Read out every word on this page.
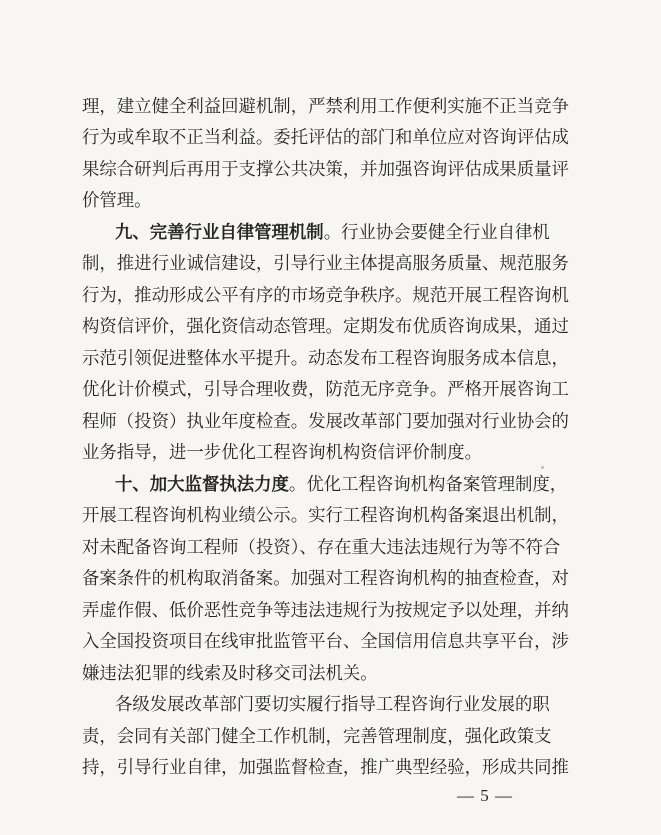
理，建立健全利益回避机制，严禁利用工作便利实施不正当竞争
行为或牟取不正当利益。委托评估的部门和单位应对咨询评估成
果综合研判后再用于支撑公共决策，并加强咨询评估成果质量评
价管理。
九、完善行业自律管理机制。行业协会要健全行业自律机
制，推进行业诚信建设，引导行业主体提高服务质量、规范服务
行为，推动形成公平有序的市场竞争秩序。规范开展工程咨询机
构资信评价，强化资信动态管理。定期发布优质咨询成果，通过
示范引领促进整体水平提升。动态发布工程咨询服务成本信息，
优化计价模式，引导合理收费，防范无序竞争。严格开展咨询工
程师（投资）执业年度检查。发展改革部门要加强对行业协会的
业务指导，进一步优化工程咨询机构资信评价制度。
十、加大监督执法力度。优化工程咨询机构备案管理制度，
开展工程咨询机构业绩公示。实行工程咨询机构备案退出机制，
对未配备咨询工程师（投资）、存在重大违法违规行为等不符合
备案条件的机构取消备案。加强对工程咨询机构的抽查检查，对
弄虚作假、低价恶性竞争等违法违规行为按规定予以处理，并纳
入全国投资项目在线审批监管平台、全国信用信息共享平台，涉
嫌违法犯罪的线索及时移交司法机关。
各级发展改革部门要切实履行指导工程咨询行业发展的职
责，会同有关部门健全工作机制，完善管理制度，强化政策支
持，引导行业自律，加强监督检查，推广典型经验，形成共同推
— 5 —
